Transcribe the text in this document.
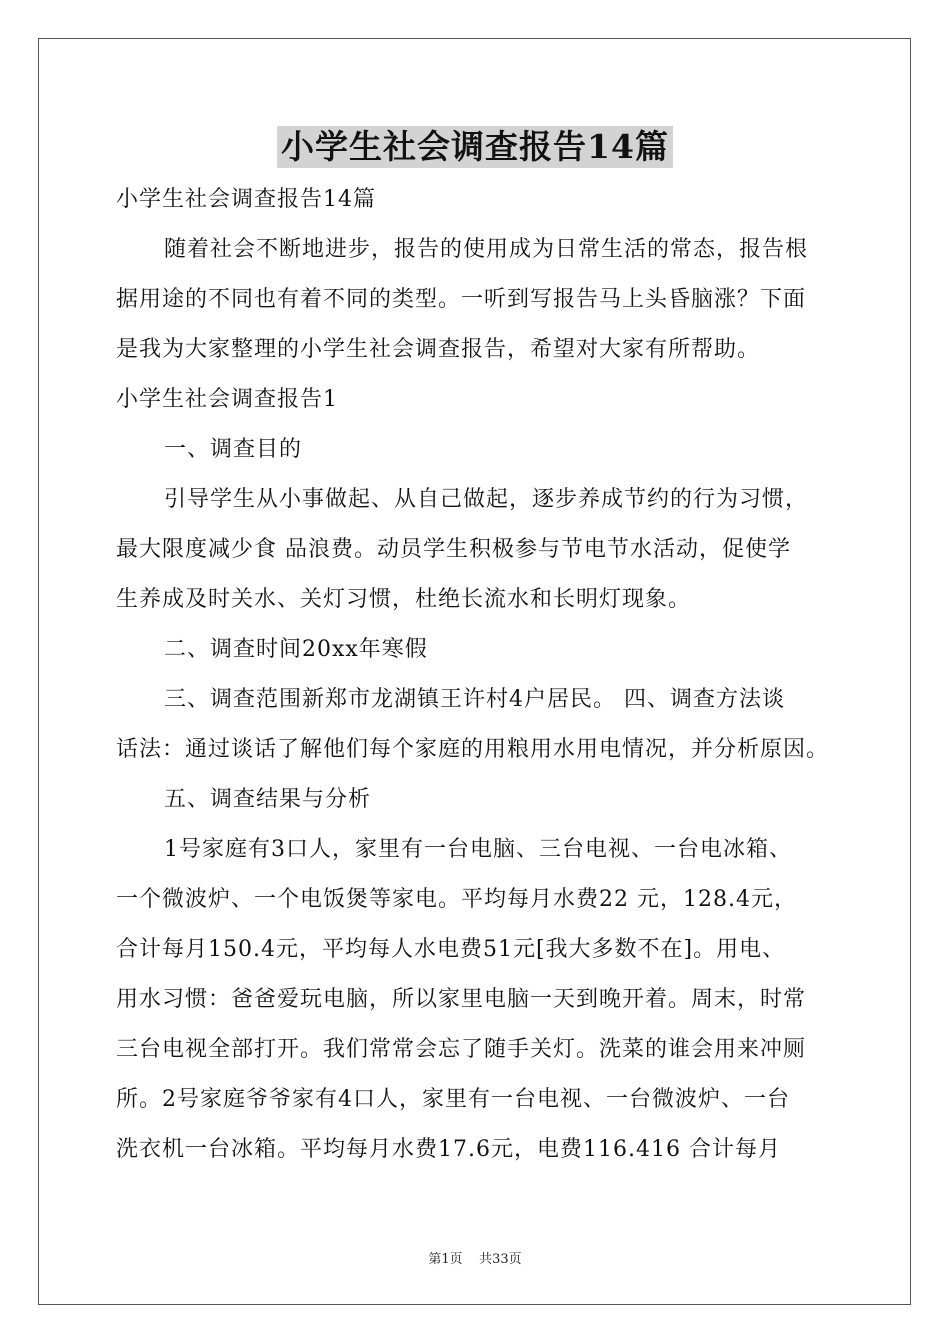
小学生社会调查报告14篇
小学生社会调查报告14篇
随着社会不断地进步，报告的使用成为日常生活的常态，报告根
据用途的不同也有着不同的类型。一听到写报告马上头昏脑涨？下面
是我为大家整理的小学生社会调查报告，希望对大家有所帮助。
小学生社会调查报告1
一、调查目的
引导学生从小事做起、从自己做起，逐步养成节约的行为习惯，
最大限度减少食 品浪费。动员学生积极参与节电节水活动，促使学
生养成及时关水、关灯习惯，杜绝长流水和长明灯现象。
二、调查时间20xx年寒假
三、调查范围新郑市龙湖镇王许村4户居民。 四、调查方法谈
话法：通过谈话了解他们每个家庭的用粮用水用电情况，并分析原因。
五、调查结果与分析
1号家庭有3口人，家里有一台电脑、三台电视、一台电冰箱、
一个微波炉、一个电饭煲等家电。平均每月水费22 元，128.4元，
合计每月150.4元，平均每人水电费51元[我大多数不在]。用电、
用水习惯：爸爸爱玩电脑，所以家里电脑一天到晚开着。周末，时常
三台电视全部打开。我们常常会忘了随手关灯。洗菜的谁会用来冲厕
所。2号家庭爷爷家有4口人，家里有一台电视、一台微波炉、一台
洗衣机一台冰箱。平均每月水费17.6元，电费116.416 合计每月
第1页    共33页
